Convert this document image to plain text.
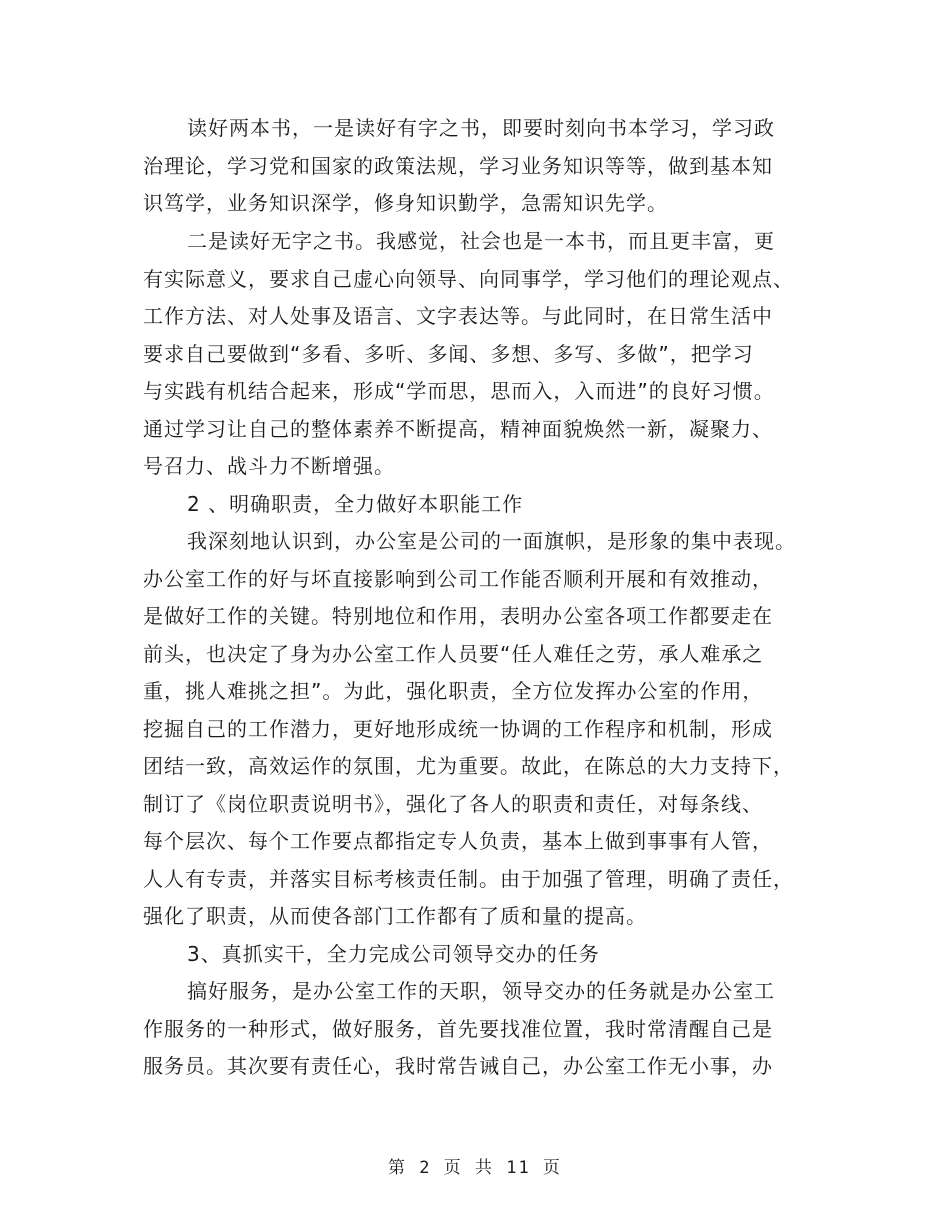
读好两本书，一是读好有字之书，即要时刻向书本学习，学习政
治理论，学习党和国家的政策法规，学习业务知识等等，做到基本知
识笃学，业务知识深学，修身知识勤学，急需知识先学。
二是读好无字之书。我感觉，社会也是一本书，而且更丰富，更
有实际意义，要求自己虚心向领导、向同事学，学习他们的理论观点、
工作方法、对人处事及语言、文字表达等。与此同时，在日常生活中
要求自己要做到“多看、多听、多闻、多想、多写、多做”，把学习
与实践有机结合起来，形成“学而思，思而入，入而进”的良好习惯。
通过学习让自己的整体素养不断提高，精神面貌焕然一新，凝聚力、
号召力、战斗力不断增强。
2 、明确职责，全力做好本职能工作
我深刻地认识到，办公室是公司的一面旗帜，是形象的集中表现。
办公室工作的好与坏直接影响到公司工作能否顺利开展和有效推动，
是做好工作的关键。特别地位和作用，表明办公室各项工作都要走在
前头，也决定了身为办公室工作人员要“任人难任之劳，承人难承之
重，挑人难挑之担”。为此，强化职责，全方位发挥办公室的作用，
挖掘自己的工作潜力，更好地形成统一协调的工作程序和机制，形成
团结一致，高效运作的氛围，尤为重要。故此，在陈总的大力支持下，
制订了《岗位职责说明书》，强化了各人的职责和责任，对每条线、
每个层次、每个工作要点都指定专人负责，基本上做到事事有人管，
人人有专责，并落实目标考核责任制。由于加强了管理，明确了责任，
强化了职责，从而使各部门工作都有了质和量的提高。
3、真抓实干，全力完成公司领导交办的任务
搞好服务，是办公室工作的天职，领导交办的任务就是办公室工
作服务的一种形式，做好服务，首先要找准位置，我时常清醒自己是
服务员。其次要有责任心，我时常告诫自己，办公室工作无小事，办
第 2 页 共 11 页
